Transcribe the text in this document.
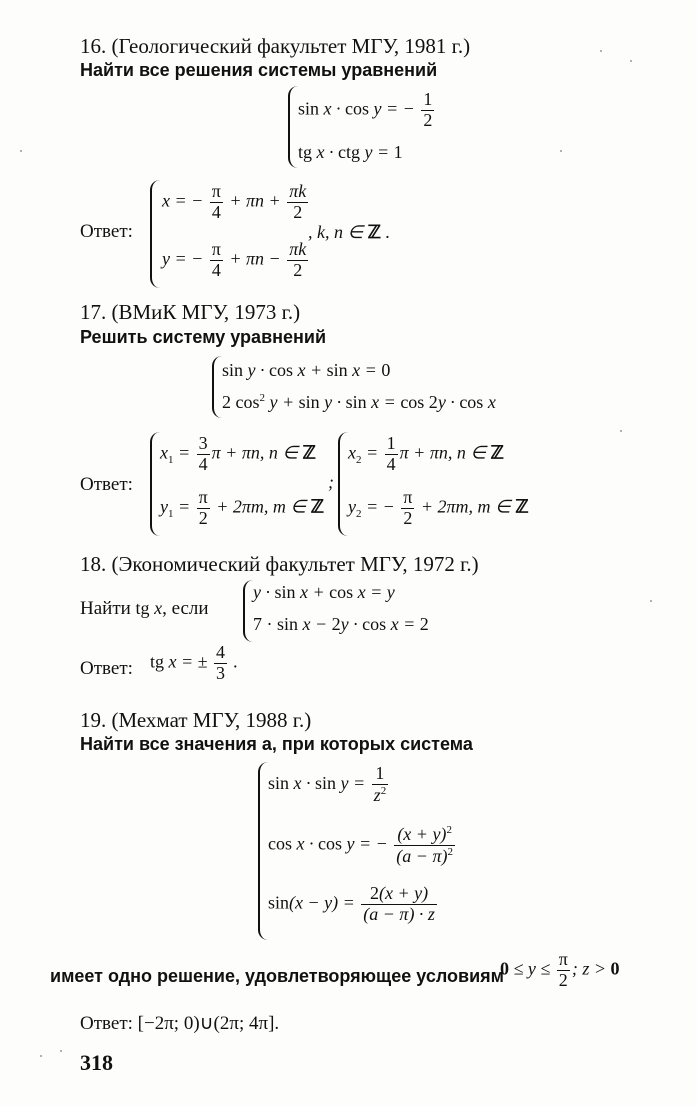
16. (Геологический факультет МГУ, 1981 г.)
Найти все решения системы уравнений
sin x · cos y = − $\frac{1}{2}$
tg x · ctg y = 1
Ответ:
x = − $\frac{\pi}{4} + \pi n + \frac{\pi k}{2}$
, k, n ∈ ℤ .
y = − $\frac{\pi}{4} + \pi n - \frac{\pi k}{2}$
17. (ВМиК МГУ, 1973 г.)
Решить систему уравнений
sin y · cos x + sin x = 0
2 $\cos^2 y + \sin y \cdot \sin x = \cos 2y \cdot \cos x$
Ответ:
$x_1 = \frac{3}{4}$ π + πn, n ∈ ℤ
$y_1 = \frac{\pi}{2} + 2\pi m$, m ∈ ℤ
;
$x_2 = \frac{1}{4}$ π + πn, n ∈ ℤ
$y_2$ = − $\frac{\pi}{2} + 2\pi m$, m ∈ ℤ
18. (Экономический факультет МГУ, 1972 г.)
Найти tg x, если
y · sin x + cos x = y
7 · sin x − 2y · cos x = 2
Ответ: tg x = ± $\frac{4}{3}$ .
19. (Мехмат МГУ, 1988 г.)
Найти все значения a, при которых система
$\sin x \cdot \sin y = \frac{1}{z^2}$
cos x · cos y = − $\frac{(x + y)^2}{(a - \pi)^2}$
$\sin(x - y) = \frac{2(x + y)}{(a - \pi) \cdot z}$
имеет одно решение, удовлетворяющее условиям
$0 \le y \le \frac{\pi}{2}$ ; z > 0
Ответ: [−2π; 0)∪(2π; 4π].
318
